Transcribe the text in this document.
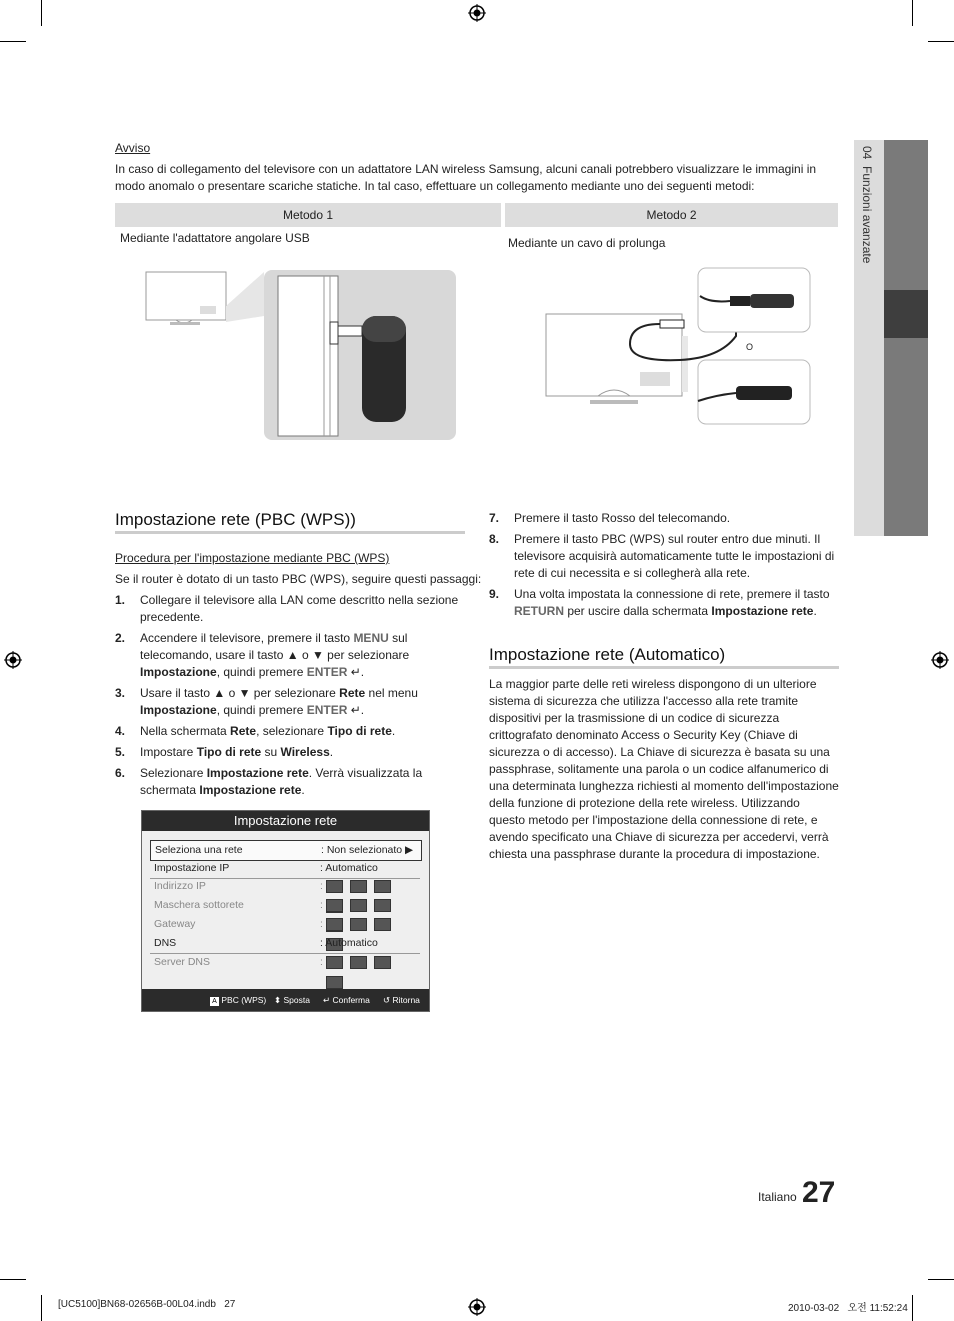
04  Funzioni avanzate
Avviso
In caso di collegamento del televisore con un adattatore LAN wireless Samsung, alcuni canali potrebbero visualizzare le immagini in modo anomalo o presentare scariche statiche. In tal caso, effettuare un collegamento mediante uno dei seguenti metodi:
Metodo 1	Metodo 2
Mediante l'adattatore angolare USB	Mediante un cavo di prolunga
O
Impostazione rete (PBC (WPS))
Procedura per l'impostazione mediante PBC (WPS)
Se il router è dotato di un tasto PBC (WPS), seguire questi passaggi:
1. Collegare il televisore alla LAN come descritto nella sezione precedente.
2. Accendere il televisore, premere il tasto MENU sul telecomando, usare il tasto ▲ o ▼ per selezionare Impostazione, quindi premere ENTER ↵.
3. Usare il tasto ▲ o ▼ per selezionare Rete nel menu Impostazione, quindi premere ENTER ↵.
4. Nella schermata Rete, selezionare Tipo di rete.
5. Impostare Tipo di rete su Wireless.
6. Selezionare Impostazione rete. Verrà visualizzata la schermata Impostazione rete.
Impostazione rete
Seleziona una rete	: Non selezionato ▶
Impostazione IP	: Automatico
Indirizzo IP	:
Maschera sottorete	:
Gateway	:
DNS	: Automatico
Server DNS	:
A PBC (WPS) ⬍ Sposta ↵ Conferma ↺ Ritorna
7. Premere il tasto Rosso del telecomando.
8. Premere il tasto PBC (WPS) sul router entro due minuti. Il televisore acquisirà automaticamente tutte le impostazioni di rete di cui necessita e si collegherà alla rete.
9. Una volta impostata la connessione di rete, premere il tasto RETURN per uscire dalla schermata Impostazione rete.
Impostazione rete (Automatico)
La maggior parte delle reti wireless dispongono di un ulteriore sistema di sicurezza che utilizza l'accesso alla rete tramite dispositivi per la trasmissione di un codice di sicurezza crittografato denominato Access o Security Key (Chiave di sicurezza o di accesso). La Chiave di sicurezza è basata su una passphrase, solitamente una parola o un codice alfanumerico di una determinata lunghezza richiesti al momento dell'impostazione della funzione di protezione della rete wireless. Utilizzando questo metodo per l'impostazione della connessione di rete, e avendo specificato una Chiave di sicurezza per accedervi, verrà chiesta una passphrase durante la procedura di impostazione.
Italiano 27
[UC5100]BN68-02656B-00L04.indb   27	2010-03-02   오전 11:52:24
